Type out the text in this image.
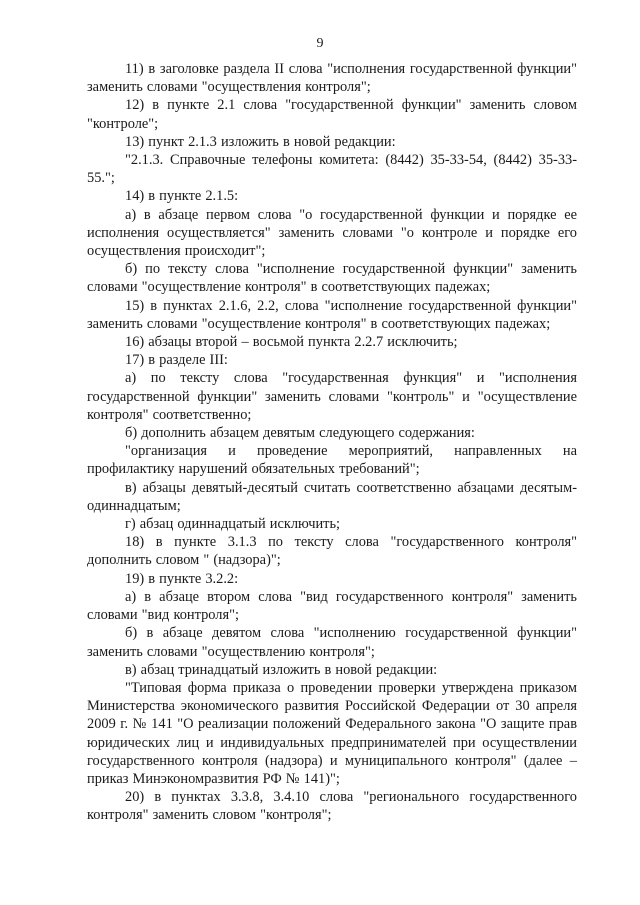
9

11) в заголовке раздела II слова "исполнения государственной функции" заменить словами "осуществления контроля";

12) в пункте 2.1 слова "государственной функции" заменить словом "контроле";

13) пункт 2.1.3 изложить в новой редакции:

"2.1.3. Справочные телефоны комитета: (8442) 35-33-54, (8442) 35-33-55.";

14) в пункте 2.1.5:

а) в абзаце первом слова "о государственной функции и порядке ее исполнения осуществляется" заменить словами "о контроле и порядке его осуществления происходит";

б) по тексту слова "исполнение государственной функции" заменить словами "осуществление контроля" в соответствующих падежах;

15) в пунктах 2.1.6, 2.2, слова "исполнение государственной функции" заменить словами "осуществление контроля" в соответствующих падежах;

16) абзацы второй – восьмой пункта 2.2.7 исключить;

17) в разделе III:

а) по тексту слова "государственная функция" и "исполнения государственной функции" заменить словами "контроль" и "осуществление контроля" соответственно;

б) дополнить абзацем девятым следующего содержания:

"организация и проведение мероприятий, направленных на профилактику нарушений обязательных требований";

в) абзацы девятый-десятый считать соответственно абзацами десятым-одиннадцатым;

г) абзац одиннадцатый исключить;

18) в пункте 3.1.3 по тексту слова "государственного контроля" дополнить словом " (надзора)";

19) в пункте 3.2.2:

а) в абзаце втором слова "вид государственного контроля" заменить словами "вид контроля";

б) в абзаце девятом слова "исполнению государственной функции" заменить словами "осуществлению контроля";

в) абзац тринадцатый изложить в новой редакции:

"Типовая форма приказа о проведении проверки утверждена приказом Министерства экономического развития Российской Федерации от 30 апреля 2009 г. № 141 "О реализации положений Федерального закона "О защите прав юридических лиц и индивидуальных предпринимателей при осуществлении государственного контроля (надзора) и муниципального контроля" (далее – приказ Минэкономразвития РФ № 141)";

20) в пунктах 3.3.8, 3.4.10 слова "регионального государственного контроля" заменить словом "контроля";
